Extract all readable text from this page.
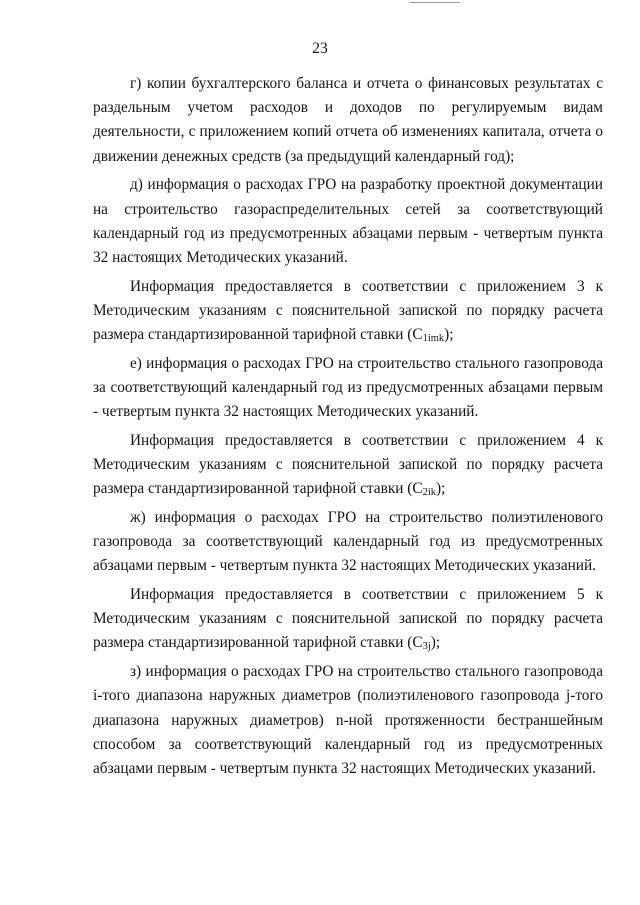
23

г) копии бухгалтерского баланса и отчета о финансовых результатах с раздельным учетом расходов и доходов по регулируемым видам деятельности, с приложением копий отчета об изменениях капитала, отчета о движении денежных средств (за предыдущий календарный год);

д) информация о расходах ГРО на разработку проектной документации на строительство газораспределительных сетей за соответствующий календарный год из предусмотренных абзацами первым - четвертым пункта 32 настоящих Методических указаний.

Информация предоставляется в соответствии с приложением 3 к Методическим указаниям с пояснительной запиской по порядку расчета размера стандартизированной тарифной ставки $(C_{1imk})$;

е) информация о расходах ГРО на строительство стального газопровода за соответствующий календарный год из предусмотренных абзацами первым - четвертым пункта 32 настоящих Методических указаний.

Информация предоставляется в соответствии с приложением 4 к Методическим указаниям с пояснительной запиской по порядку расчета размера стандартизированной тарифной ставки $(C_{2ik})$;

ж) информация о расходах ГРО на строительство полиэтиленового газопровода за соответствующий календарный год из предусмотренных абзацами первым - четвертым пункта 32 настоящих Методических указаний.

Информация предоставляется в соответствии с приложением 5 к Методическим указаниям с пояснительной запиской по порядку расчета размера стандартизированной тарифной ставки $(C_{3j})$;

з) информация о расходах ГРО на строительство стального газопровода i-того диапазона наружных диаметров (полиэтиленового газопровода j-того диапазона наружных диаметров) n-ной протяженности бестраншейным способом за соответствующий календарный год из предусмотренных абзацами первым - четвертым пункта 32 настоящих Методических указаний.
